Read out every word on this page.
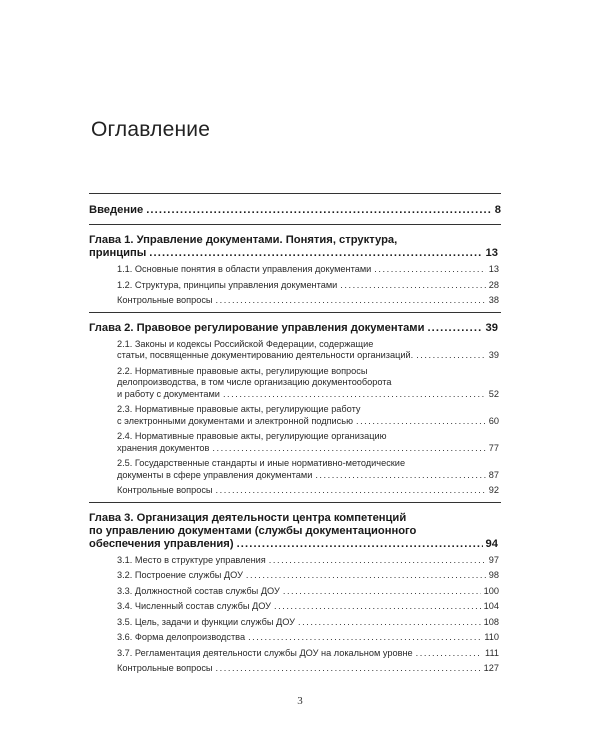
Оглавление
Введение . . .	8
Глава 1. Управление документами. Понятия, структура,
принципы . . .	13
1.1. Основные понятия в области управления документами . . .	13
1.2. Структура, принципы управления документами . . .	28
Контрольные вопросы . . .	38
Глава 2. Правовое регулирование управления документами . . .	39
2.1. Законы и кодексы Российской Федерации, содержащие
статьи, посвященные документированию деятельности организаций. . . .	39
2.2. Нормативные правовые акты, регулирующие вопросы
делопроизводства, в том числе организацию документооборота
и работу с документами . . .	52
2.3. Нормативные правовые акты, регулирующие работу
с электронными документами и электронной подписью . . .	60
2.4. Нормативные правовые акты, регулирующие организацию
хранения документов . . .	77
2.5. Государственные стандарты и иные нормативно-методические
документы в сфере управления документами . . .	87
Контрольные вопросы . . .	92
Глава 3. Организация деятельности центра компетенций
по управлению документами (службы документационного
обеспечения управления) . . .	94
3.1. Место в структуре управления . . .	97
3.2. Построение службы ДОУ . . .	98
3.3. Должностной состав службы ДОУ . . .	100
3.4. Численный состав службы ДОУ . . .	104
3.5. Цель, задачи и функции службы ДОУ . . .	108
3.6. Форма делопроизводства . . .	110
3.7. Регламентация деятельности службы ДОУ на локальном уровне . . .	111
Контрольные вопросы . . .	127
3
